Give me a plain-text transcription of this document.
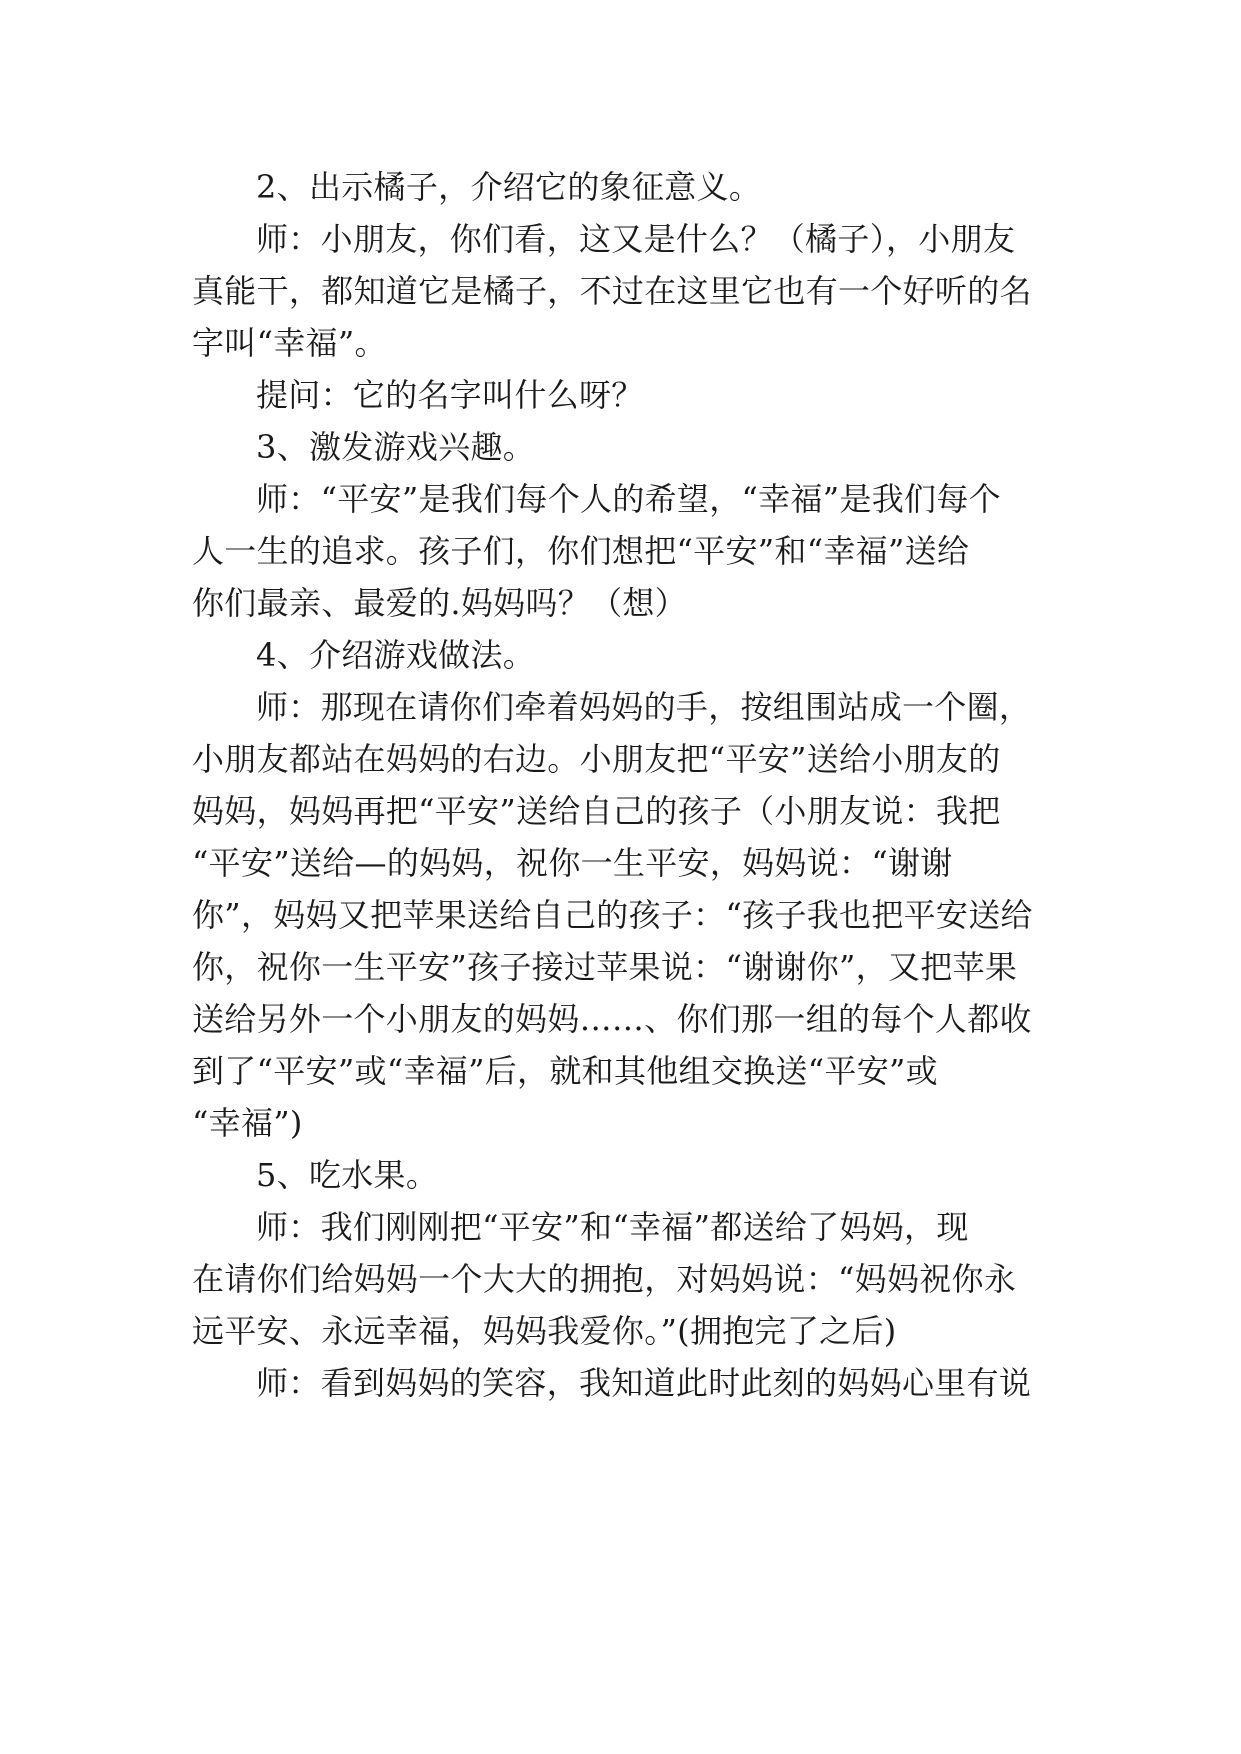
2、出示橘子，介绍它的象征意义。
师：小朋友，你们看，这又是什么？（橘子），小朋友
真能干，都知道它是橘子，不过在这里它也有一个好听的名
字叫“幸福”。
提问：它的名字叫什么呀？
3、激发游戏兴趣。
师：“平安”是我们每个人的希望，“幸福”是我们每个
人一生的追求。孩子们，你们想把“平安”和“幸福”送给
你们最亲、最爱的.妈妈吗？（想）
4、介绍游戏做法。
师：那现在请你们牵着妈妈的手，按组围站成一个圈，
小朋友都站在妈妈的右边。小朋友把“平安”送给小朋友的
妈妈，妈妈再把“平安”送给自己的孩子（小朋友说：我把
“平安”送给—的妈妈，祝你一生平安，妈妈说：“谢谢
你”，妈妈又把苹果送给自己的孩子：“孩子我也把平安送给
你，祝你一生平安”孩子接过苹果说：“谢谢你”，又把苹果
送给另外一个小朋友的妈妈……、你们那一组的每个人都收
到了“平安”或“幸福”后，就和其他组交换送“平安”或
“幸福”)
5、吃水果。
师：我们刚刚把“平安”和“幸福”都送给了妈妈，现
在请你们给妈妈一个大大的拥抱，对妈妈说：“妈妈祝你永
远平安、永远幸福，妈妈我爱你。”(拥抱完了之后)
师：看到妈妈的笑容，我知道此时此刻的妈妈心里有说
